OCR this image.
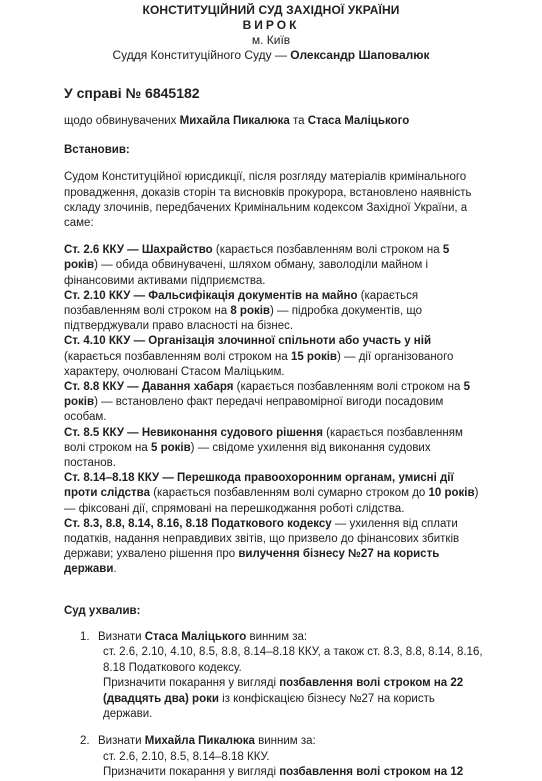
КОНСТИТУЦІЙНИЙ СУД ЗАХІДНОЇ УКРАЇНИ
ВИРОК
м. Київ
Суддя Конституційного Суду — Олександр Шаповалюк
У справі № 6845182
щодо обвинувачених Михайла Пикалюка та Стаса Маліцького
Встановив:
Судом Конституційної юрисдикції, після розгляду матеріалів кримінального провадження, доказів сторін та висновків прокурора, встановлено наявність складу злочинів, передбачених Кримінальним кодексом Західної України, а саме:
Ст. 2.6 ККУ — Шахрайство (карається позбавленням волі строком на 5 років) — обида обвинувачені, шляхом обману, заволоділи майном і фінансовими активами підприємства.
Ст. 2.10 ККУ — Фальсифікація документів на майно (карається позбавленням волі строком на 8 років) — підробка документів, що підтверджували право власності на бізнес.
Ст. 4.10 ККУ — Організація злочинної спільноти або участь у ній (карається позбавленням волі строком на 15 років) — дії організованого характеру, очолювані Стасом Маліцьким.
Ст. 8.8 ККУ — Давання хабаря (карається позбавленням волі строком на 5 років) — встановлено факт передачі неправомірної вигоди посадовим особам.
Ст. 8.5 ККУ — Невиконання судового рішення (карається позбавленням волі строком на 5 років) — свідоме ухилення від виконання судових постанов.
Ст. 8.14–8.18 ККУ — Перешкода правоохоронним органам, умисні дії проти слідства (карається позбавленням волі сумарно строком до 10 років) — фіксовані дії, спрямовані на перешкоджання роботі слідства.
Ст. 8.3, 8.8, 8.14, 8.16, 8.18 Податкового кодексу — ухилення від сплати податків, надання неправдивих звітів, що призвело до фінансових збитків держави; ухвалено рішення про вилучення бізнесу №27 на користь держави.
Суд ухвалив:
1. Визнати Стаса Маліцького винним за:
ст. 2.6, 2.10, 4.10, 8.5, 8.8, 8.14–8.18 ККУ, а також ст. 8.3, 8.8, 8.14, 8.16, 8.18 Податкового кодексу.
Призначити покарання у вигляді позбавлення волі строком на 22 (двадцять два) роки із конфіскацією бізнесу №27 на користь держави.
2. Визнати Михайла Пикалюка винним за:
ст. 2.6, 2.10, 8.5, 8.14–8.18 ККУ.
Призначити покарання у вигляді позбавлення волі строком на 12
